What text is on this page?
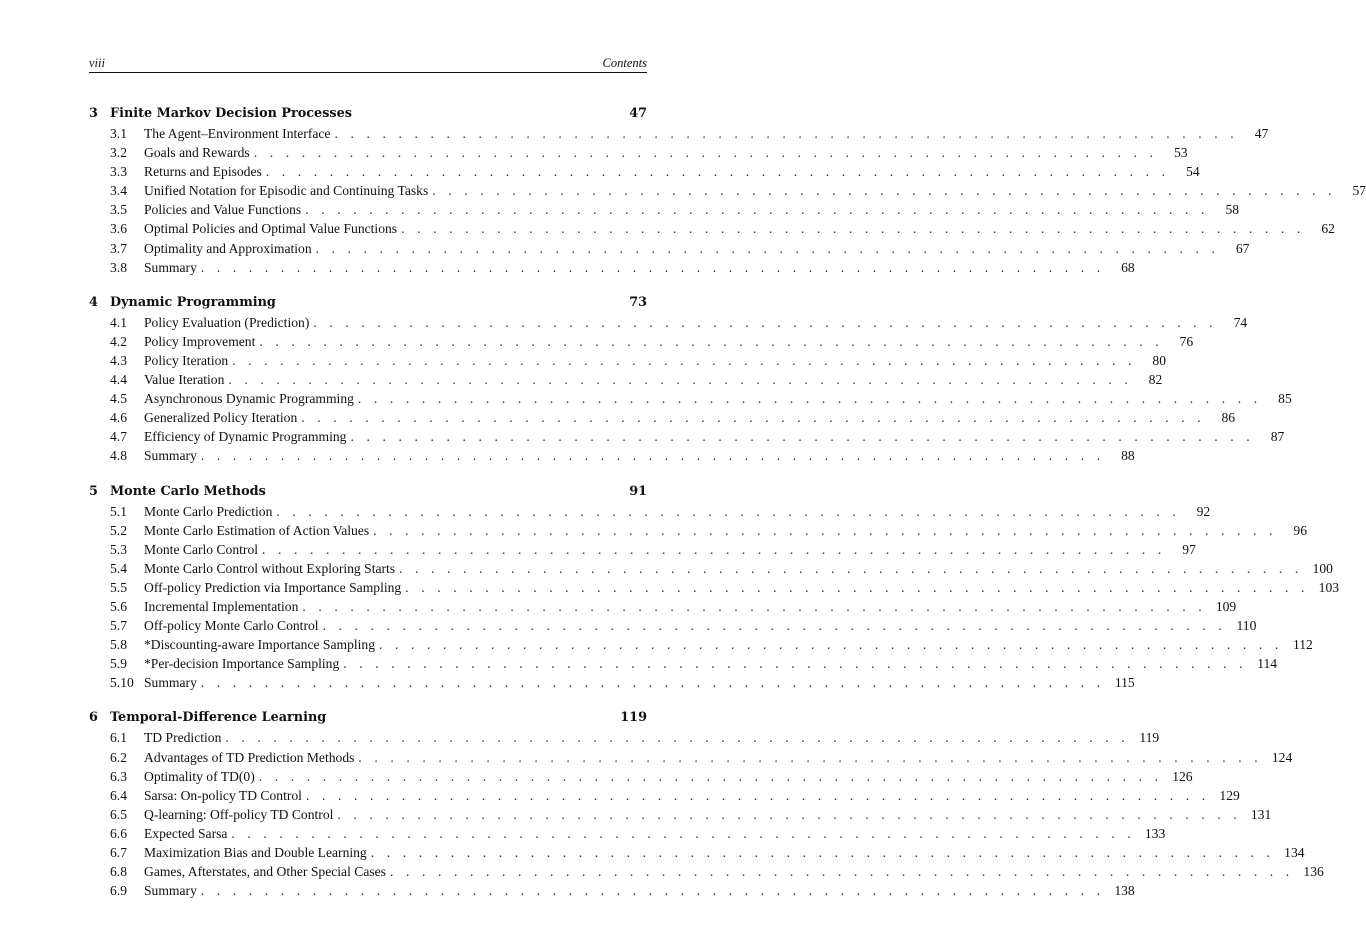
viii	Contents
3 Finite Markov Decision Processes	47
3.1	The Agent–Environment Interface . . . . . . . . . . . . . . . . . . . . . . . . . . . . . . . . . . . . . . . . . . . . . . . . . . . . . . . . .	47
3.2	Goals and Rewards . . . . . . . . . . . . . . . . . . . . . . . . . . . . . . . . . . . . . . . . . . . . . . . . . . . . . . . . .	53
3.3	Returns and Episodes . . . . . . . . . . . . . . . . . . . . . . . . . . . . . . . . . . . . . . . . . . . . . . . . . . . . . . . . .	54
3.4	Unified Notation for Episodic and Continuing Tasks . . . . . . . . . . . . . . . . . . . . . . . . . . . . . . . . . . . . . . . . . . . . . . . . . . . . . . . . .	57
3.5	Policies and Value Functions . . . . . . . . . . . . . . . . . . . . . . . . . . . . . . . . . . . . . . . . . . . . . . . . . . . . . . . . .	58
3.6	Optimal Policies and Optimal Value Functions . . . . . . . . . . . . . . . . . . . . . . . . . . . . . . . . . . . . . . . . . . . . . . . . . . . . . . . . .	62
3.7	Optimality and Approximation . . . . . . . . . . . . . . . . . . . . . . . . . . . . . . . . . . . . . . . . . . . . . . . . . . . . . . . . .	67
3.8	Summary . . . . . . . . . . . . . . . . . . . . . . . . . . . . . . . . . . . . . . . . . . . . . . . . . . . . . . . . .	68
4 Dynamic Programming	73
4.1	Policy Evaluation (Prediction) . . . . . . . . . . . . . . . . . . . . . . . . . . . . . . . . . . . . . . . . . . . . . . . . . . . . . . . . .	74
4.2	Policy Improvement . . . . . . . . . . . . . . . . . . . . . . . . . . . . . . . . . . . . . . . . . . . . . . . . . . . . . . . . .	76
4.3	Policy Iteration . . . . . . . . . . . . . . . . . . . . . . . . . . . . . . . . . . . . . . . . . . . . . . . . . . . . . . . . .	80
4.4	Value Iteration . . . . . . . . . . . . . . . . . . . . . . . . . . . . . . . . . . . . . . . . . . . . . . . . . . . . . . . . .	82
4.5	Asynchronous Dynamic Programming . . . . . . . . . . . . . . . . . . . . . . . . . . . . . . . . . . . . . . . . . . . . . . . . . . . . . . . . .	85
4.6	Generalized Policy Iteration . . . . . . . . . . . . . . . . . . . . . . . . . . . . . . . . . . . . . . . . . . . . . . . . . . . . . . . . .	86
4.7	Efficiency of Dynamic Programming . . . . . . . . . . . . . . . . . . . . . . . . . . . . . . . . . . . . . . . . . . . . . . . . . . . . . . . . .	87
4.8	Summary . . . . . . . . . . . . . . . . . . . . . . . . . . . . . . . . . . . . . . . . . . . . . . . . . . . . . . . . .	88
5 Monte Carlo Methods	91
5.1	Monte Carlo Prediction . . . . . . . . . . . . . . . . . . . . . . . . . . . . . . . . . . . . . . . . . . . . . . . . . . . . . . . . .	92
5.2	Monte Carlo Estimation of Action Values . . . . . . . . . . . . . . . . . . . . . . . . . . . . . . . . . . . . . . . . . . . . . . . . . . . . . . . . .	96
5.3	Monte Carlo Control . . . . . . . . . . . . . . . . . . . . . . . . . . . . . . . . . . . . . . . . . . . . . . . . . . . . . . . . .	97
5.4	Monte Carlo Control without Exploring Starts . . . . . . . . . . . . . . . . . . . . . . . . . . . . . . . . . . . . . . . . . . . . . . . . . . . . . . . . . 100
5.5	Off-policy Prediction via Importance Sampling . . . . . . . . . . . . . . . . . . . . . . . . . . . . . . . . . . . . . . . . . . . . . . . . . . . . . . . . . 103
5.6	Incremental Implementation . . . . . . . . . . . . . . . . . . . . . . . . . . . . . . . . . . . . . . . . . . . . . . . . . . . . . . . . . 109
5.7	Off-policy Monte Carlo Control . . . . . . . . . . . . . . . . . . . . . . . . . . . . . . . . . . . . . . . . . . . . . . . . . . . . . . . . . 110
5.8	*Discounting-aware Importance Sampling . . . . . . . . . . . . . . . . . . . . . . . . . . . . . . . . . . . . . . . . . . . . . . . . . . . . . . . . . 112
5.9	*Per-decision Importance Sampling . . . . . . . . . . . . . . . . . . . . . . . . . . . . . . . . . . . . . . . . . . . . . . . . . . . . . . . . . 114
5.10 Summary . . . . . . . . . . . . . . . . . . . . . . . . . . . . . . . . . . . . . . . . . . . . . . . . . . . . . . . . . 115
6 Temporal-Difference Learning	119
6.1	TD Prediction . . . . . . . . . . . . . . . . . . . . . . . . . . . . . . . . . . . . . . . . . . . . . . . . . . . . . . . . . 119
6.2	Advantages of TD Prediction Methods . . . . . . . . . . . . . . . . . . . . . . . . . . . . . . . . . . . . . . . . . . . . . . . . . . . . . . . . . 124
6.3	Optimality of TD(0) . . . . . . . . . . . . . . . . . . . . . . . . . . . . . . . . . . . . . . . . . . . . . . . . . . . . . . . . . 126
6.4	Sarsa: On-policy TD Control . . . . . . . . . . . . . . . . . . . . . . . . . . . . . . . . . . . . . . . . . . . . . . . . . . . . . . . . . 129
6.5	Q-learning: Off-policy TD Control . . . . . . . . . . . . . . . . . . . . . . . . . . . . . . . . . . . . . . . . . . . . . . . . . . . . . . . . . 131
6.6	Expected Sarsa . . . . . . . . . . . . . . . . . . . . . . . . . . . . . . . . . . . . . . . . . . . . . . . . . . . . . . . . . 133
6.7	Maximization Bias and Double Learning . . . . . . . . . . . . . . . . . . . . . . . . . . . . . . . . . . . . . . . . . . . . . . . . . . . . . . . . . 134
6.8	Games, Afterstates, and Other Special Cases . . . . . . . . . . . . . . . . . . . . . . . . . . . . . . . . . . . . . . . . . . . . . . . . . . . . . . . . . 136
6.9	Summary . . . . . . . . . . . . . . . . . . . . . . . . . . . . . . . . . . . . . . . . . . . . . . . . . . . . . . . . . 138
